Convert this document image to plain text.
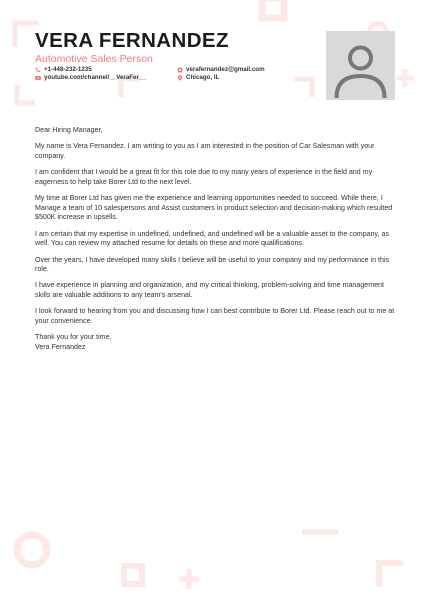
VERA FERNANDEZ
Automotive Sales Person
+1-448-232-1235
youtube.com/channel/__VeraFer__
verafernandez@gmail.com
Chicago, IL

Dear Hiring Manager,

My name is Vera Fernandez. I am writing to you as I am interested in the position of Car Salesman with your company.

I am confident that I would be a great fit for this role due to my many years of experience in the field and my eagerness to help take Borer Ltd to the next level.

My time at Borer Ltd has given me the experience and learning opportunities needed to succeed. While there, I Manage a team of 10 salespersons and Assist customers in product selection and decision-making which resulted $500K increase in upsells.

I am certain that my expertise in undefined, undefined, and undefined will be a valuable asset to the company, as well. You can review my attached resume for details on these and more qualifications.

Over the years, I have developed many skills I believe will be useful to your company and my performance in this role.

I have experience in planning and organization, and my critical thinking, problem-solving and time management skills are valuable additions to any team's arsenal.

I look forward to hearing from you and discussing how I can best contribute to Borer Ltd. Please reach out to me at your convenience.

Thank you for your time,
Vera Fernandez
